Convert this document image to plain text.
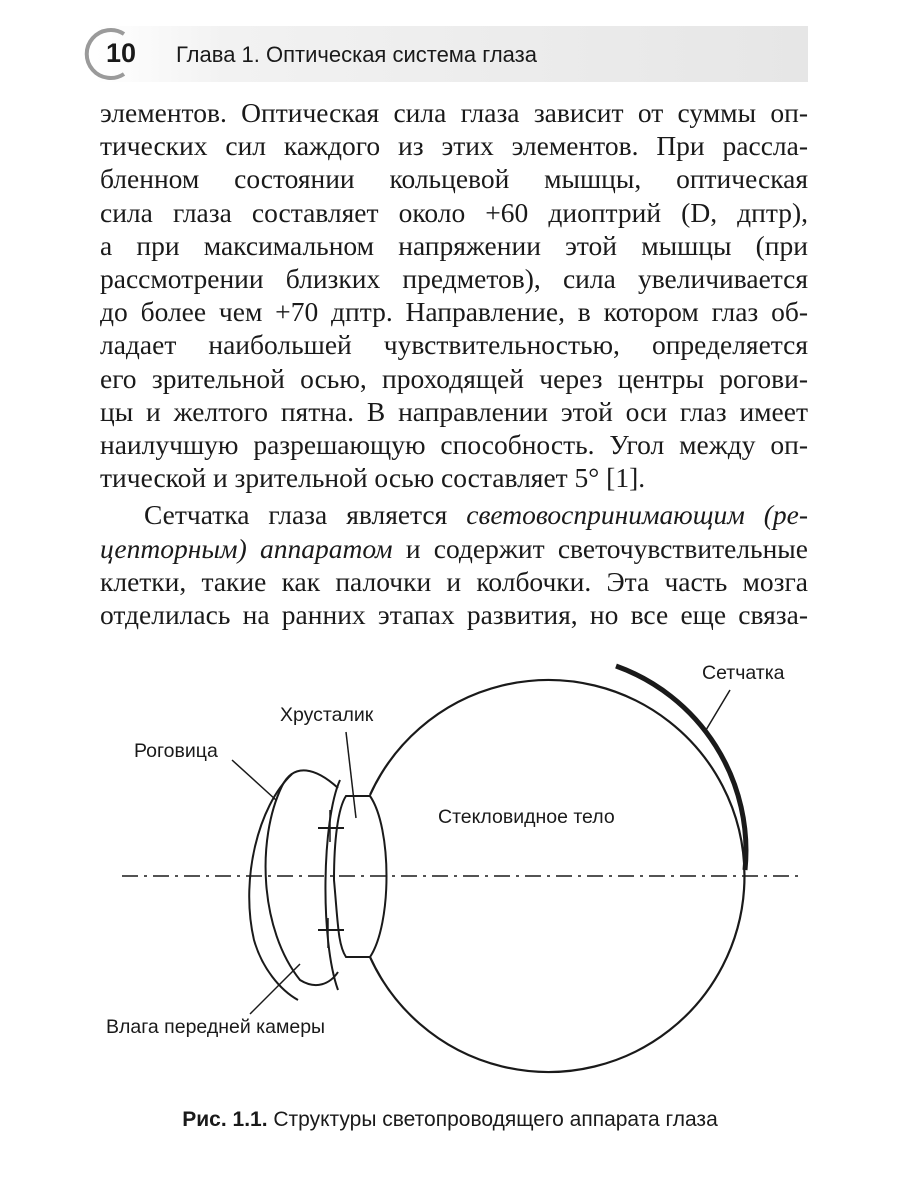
10 Глава 1. Оптическая система глаза

элементов. Оптическая сила глаза зависит от суммы оп-
тических сил каждого из этих элементов. При рассла-
бленном состоянии кольцевой мышцы, оптическая
сила глаза составляет около +60 диоптрий (D, дптр),
а при максимальном напряжении этой мышцы (при
рассмотрении близких предметов), сила увеличивается
до более чем +70 дптр. Направление, в котором глаз об-
ладает наибольшей чувствительностью, определяется
его зрительной осью, проходящей через центры рогови-
цы и желтого пятна. В направлении этой оси глаз имеет
наилучшую разрешающую способность. Угол между оп-
тической и зрительной осью составляет 5° [1].

Сетчатка глаза является световоспринимающим (ре-
цепторным) аппаратом и содержит светочувствительные
клетки, такие как палочки и колбочки. Эта часть мозга
отделилась на ранних этапах развития, но все еще связа-

Сетчатка
Хрусталик
Роговица
Стекловидное тело
Влага передней камеры
Рис. 1.1. Структуры светопроводящего аппарата глаза
